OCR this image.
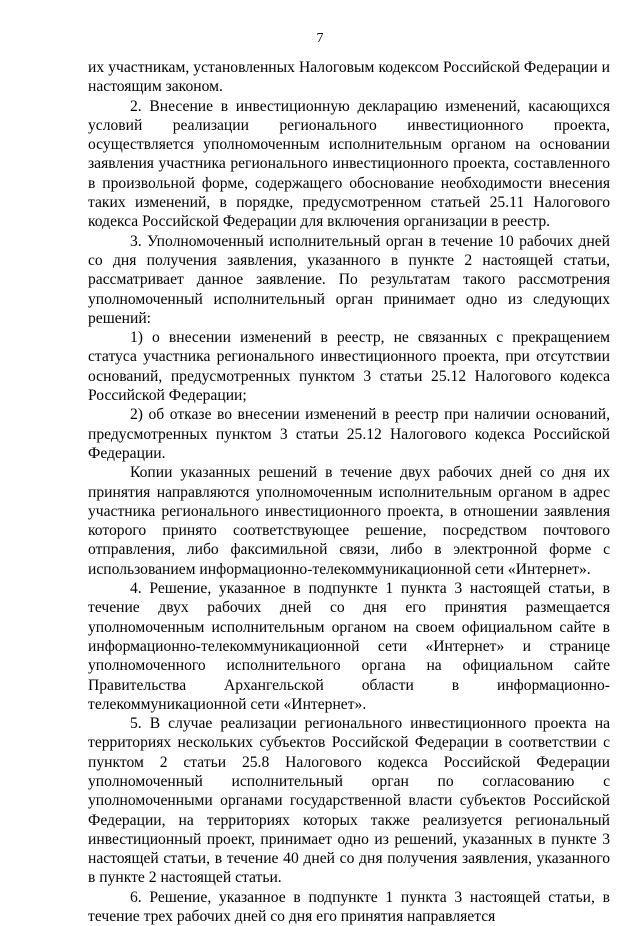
7

их участникам, установленных Налоговым кодексом Российской Федерации и настоящим законом.

2. Внесение в инвестиционную декларацию изменений, касающихся условий реализации регионального инвестиционного проекта, осуществляется уполномоченным исполнительным органом на основании заявления участника регионального инвестиционного проекта, составленного в произвольной форме, содержащего обоснование необходимости внесения таких изменений, в порядке, предусмотренном статьей 25.11 Налогового кодекса Российской Федерации для включения организации в реестр.

3. Уполномоченный исполнительный орган в течение 10 рабочих дней со дня получения заявления, указанного в пункте 2 настоящей статьи, рассматривает данное заявление. По результатам такого рассмотрения уполномоченный исполнительный орган принимает одно из следующих решений:

1) о внесении изменений в реестр, не связанных с прекращением статуса участника регионального инвестиционного проекта, при отсутствии оснований, предусмотренных пунктом 3 статьи 25.12 Налогового кодекса Российской Федерации;

2) об отказе во внесении изменений в реестр при наличии оснований, предусмотренных пунктом 3 статьи 25.12 Налогового кодекса Российской Федерации.

Копии указанных решений в течение двух рабочих дней со дня их принятия направляются уполномоченным исполнительным органом в адрес участника регионального инвестиционного проекта, в отношении заявления которого принято соответствующее решение, посредством почтового отправления, либо факсимильной связи, либо в электронной форме с использованием информационно-телекоммуникационной сети «Интернет».

4. Решение, указанное в подпункте 1 пункта 3 настоящей статьи, в течение двух рабочих дней со дня его принятия размещается уполномоченным исполнительным органом на своем официальном сайте в информационно-телекоммуникационной сети «Интернет» и странице уполномоченного исполнительного органа на официальном сайте Правительства Архангельской области в информационно-телекоммуникационной сети «Интернет».

5. В случае реализации регионального инвестиционного проекта на территориях нескольких субъектов Российской Федерации в соответствии с пунктом 2 статьи 25.8 Налогового кодекса Российской Федерации уполномоченный исполнительный орган по согласованию с уполномоченными органами государственной власти субъектов Российской Федерации, на территориях которых также реализуется региональный инвестиционный проект, принимает одно из решений, указанных в пункте 3 настоящей статьи, в течение 40 дней со дня получения заявления, указанного в пункте 2 настоящей статьи.

6. Решение, указанное в подпункте 1 пункта 3 настоящей статьи, в течение трех рабочих дней со дня его принятия направляется
